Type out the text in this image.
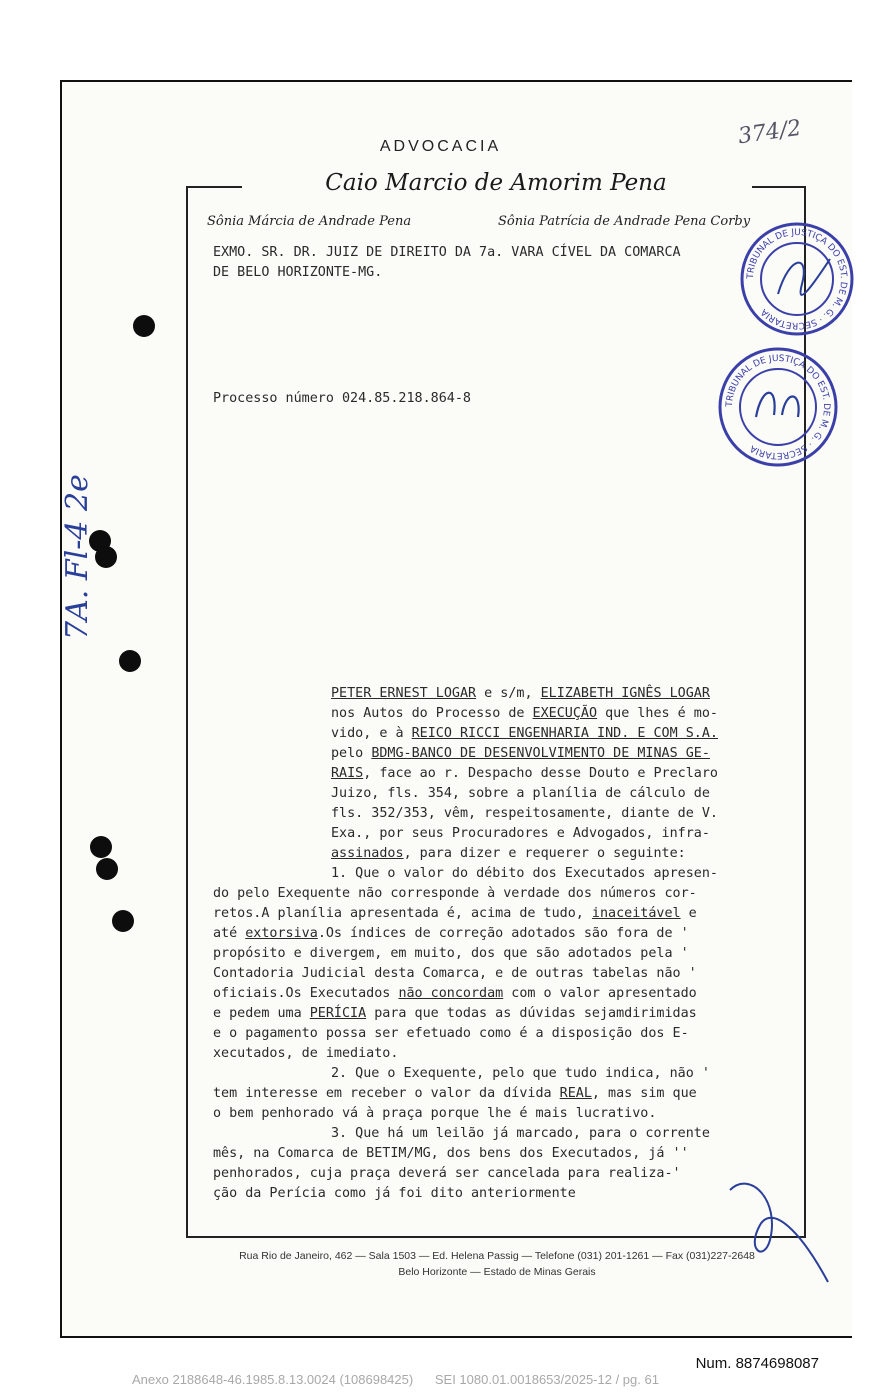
ADVOCACIA
Caio Marcio de Amorim Pena
Sônia Márcia de Andrade Pena	Sônia Patrícia de Andrade Pena Corby
EXMO. SR. DR. JUIZ DE DIREITO DA 7a. VARA CÍVEL DA COMARCA
DE BELO HORIZONTE-MG.
Processo número 024.85.218.864-8
PETER ERNEST LOGAR e s/m, ELIZABETH IGNÊS LOGAR
nos Autos do Processo de EXECUÇÃO que lhes é mo-
vido, e à REICO RICCI ENGENHARIA IND. E COM S.A.
pelo BDMG-BANCO DE DESENVOLVIMENTO DE MINAS GE-
RAIS, face ao r. Despacho desse Douto e Preclaro
Juizo, fls. 354, sobre a planília de cálculo de
fls. 352/353, vêm, respeitosamente, diante de V.
Exa., por seus Procuradores e Advogados, infra-
assinados, para dizer e requerer o seguinte:
1. Que o valor do débito dos Executados apresen-
do pelo Exequente não corresponde à verdade dos números cor-
retos.A planília apresentada é, acima de tudo, inaceitável e
até extorsiva.Os índices de correção adotados são fora de '
propósito e divergem, em muito, dos que são adotados pela '
Contadoria Judicial desta Comarca, e de outras tabelas não '
oficiais.Os Executados não concordam com o valor apresentado
e pedem uma PERÍCIA para que todas as dúvidas sejamdirimidas
e o pagamento possa ser efetuado como é a disposição dos E-
xecutados, de imediato.
2. Que o Exequente, pelo que tudo indica, não '
tem interesse em receber o valor da dívida REAL, mas sim que
o bem penhorado vá à praça porque lhe é mais lucrativo.
3. Que há um leilão já marcado, para o corrente
mês, na Comarca de BETIM/MG, dos bens dos Executados, já ''
penhorados, cuja praça deverá ser cancelada para realiza-'
ção da Perícia como já foi dito anteriormente
Rua Rio de Janeiro, 462 — Sala 1503 — Ed. Helena Passig — Telefone (031) 201-1261 — Fax (031)227-2648
Belo Horizonte — Estado de Minas Gerais
TRIBUNAL DE JUSTIÇA DO EST. DE M. G. · SECRETARIA
TRIBUNAL DE JUSTIÇA DO EST. DE M. G. · SECRETARIA
7A. Fl-4 2e
374/2
Num. 8874698087
Anexo 2188648-46.1985.8.13.0024 (108698425)      SEI 1080.01.0018653/2025-12 / pg. 61
